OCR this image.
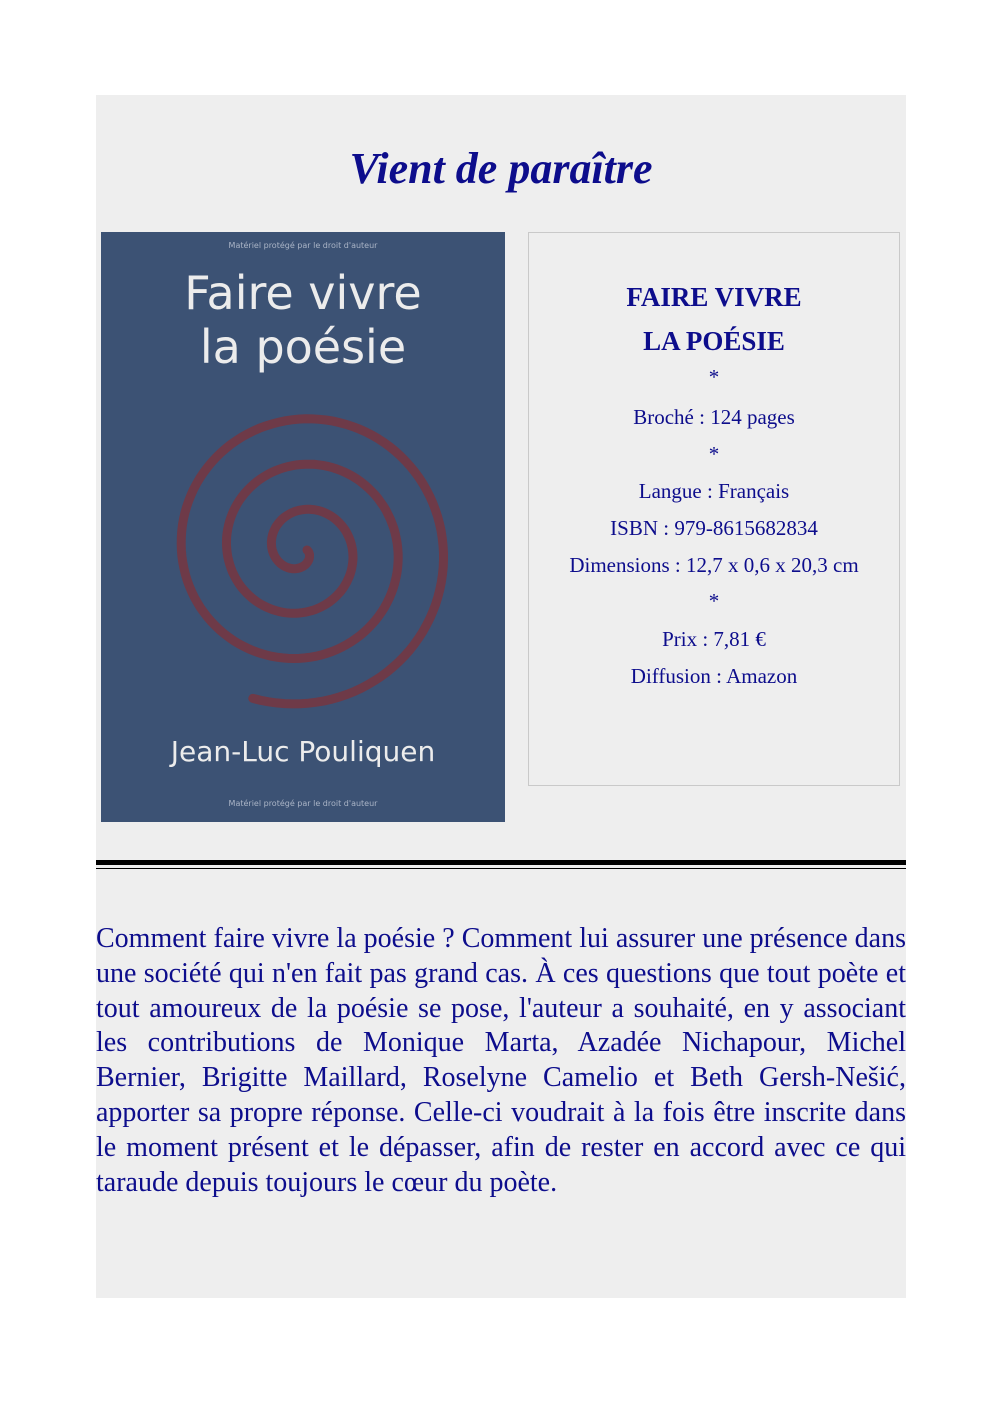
Vient de paraître
Matériel protégé par le droit d'auteur
Faire vivre
la poésie
Jean-Luc Pouliquen
Matériel protégé par le droit d'auteur
FAIRE VIVRE
LA POÉSIE
*
Broché : 124 pages
*
Langue : Français
ISBN : 979-8615682834
Dimensions : 12,7 x 0,6 x 20,3 cm
*
Prix : 7,81 €
Diffusion : Amazon

Comment faire vivre la poésie ? Comment lui assurer une présence dans une société qui n'en fait pas grand cas. À ces questions que tout poète et tout amoureux de la poésie se pose, l'auteur a souhaité, en y associant les contributions de Monique Marta, Azadée Nichapour, Michel Bernier, Brigitte Maillard, Roselyne Camelio et Beth Gersh-Nešić, apporter sa propre réponse. Celle-ci voudrait à la fois être inscrite dans le moment présent et le dépasser, afin de rester en accord avec ce qui taraude depuis toujours le cœur du poète.
